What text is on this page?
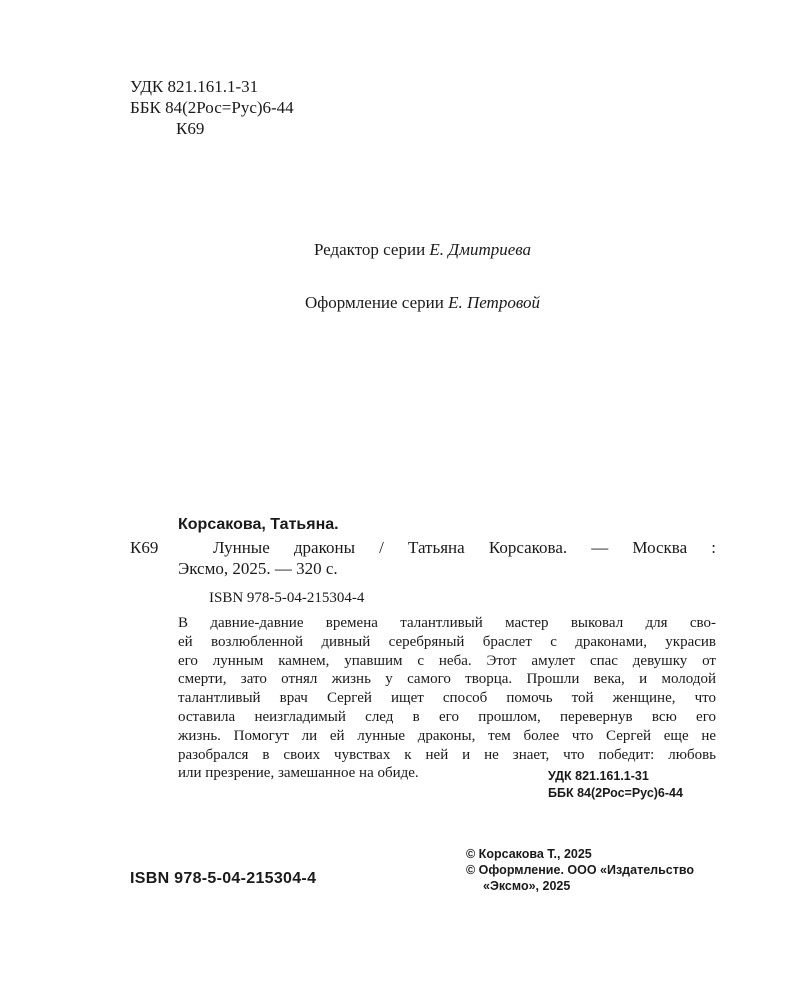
УДК 821.161.1-31
ББК 84(2Рос=Рус)6-44
К69
Редактор серии Е. Дмитриева
Оформление серии Е. Петровой
Корсакова, Татьяна.
К69	Лунные драконы / Татьяна Корсакова. — Москва :
Эксмо, 2025. — 320 с.
ISBN 978-5-04-215304-4
В давние-давние времена талантливый мастер выковал для сво-
ей возлюбленной дивный серебряный браслет с драконами, украсив
его лунным камнем, упавшим с неба. Этот амулет спас девушку от
смерти, зато отнял жизнь у самого творца. Прошли века, и молодой
талантливый врач Сергей ищет способ помочь той женщине, что
оставила неизгладимый след в его прошлом, перевернув всю его
жизнь. Помогут ли ей лунные драконы, тем более что Сергей еще не
разобрался в своих чувствах к ней и не знает, что победит: любовь
или презрение, замешанное на обиде.	УДК 821.161.1-31
ББК 84(2Рос=Рус)6-44
ISBN 978-5-04-215304-4
© Корсакова Т., 2025
© Оформление. ООО «Издательство
«Эксмо», 2025
